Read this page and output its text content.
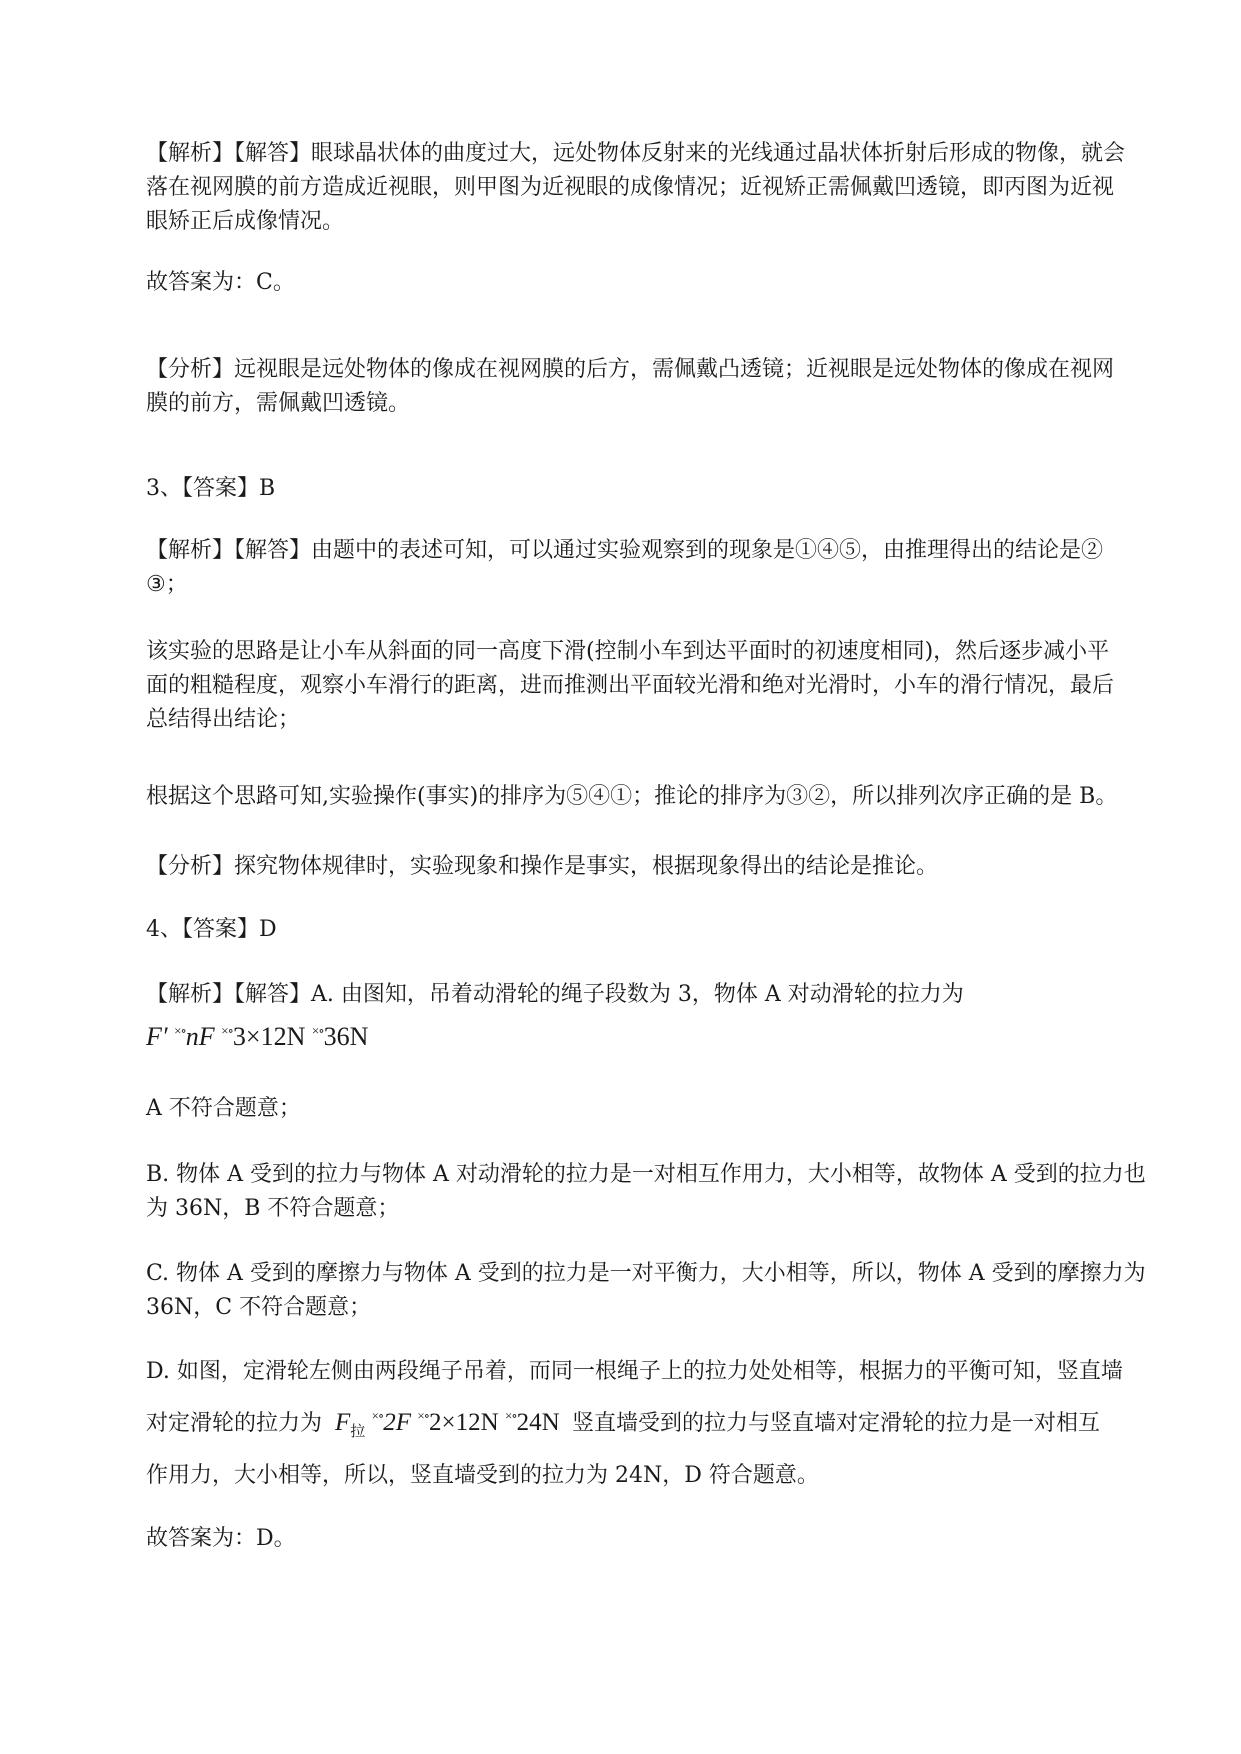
【解析】【解答】眼球晶状体的曲度过大，远处物体反射来的光线通过晶状体折射后形成的物像，就会
落在视网膜的前方造成近视眼，则甲图为近视眼的成像情况；近视矫正需佩戴凹透镜，即丙图为近视
眼矫正后成像情况。
故答案为：C。
【分析】远视眼是远处物体的像成在视网膜的后方，需佩戴凸透镜；近视眼是远处物体的像成在视网
膜的前方，需佩戴凹透镜。
3、【答案】B
【解析】【解答】由题中的表述可知，可以通过实验观察到的现象是①④⑤，由推理得出的结论是②
③；
该实验的思路是让小车从斜面的同一高度下滑(控制小车到达平面时的初速度相同)，然后逐步减小平
面的粗糙程度，观察小车滑行的距离，进而推测出平面较光滑和绝对光滑时，小车的滑行情况，最后
总结得出结论；
根据这个思路可知,实验操作(事实)的排序为⑤④①；推论的排序为③②，所以排列次序正确的是 B。
【分析】探究物体规律时，实验现象和操作是事实，根据现象得出的结论是推论。
4、【答案】D
【解析】【解答】A. 由图知，吊着动滑轮的绳子段数为 3，物体 A 对动滑轮的拉力为
F′ ×∘nF ×∘3×12N ×∘36N
A 不符合题意；
B. 物体 A 受到的拉力与物体 A 对动滑轮的拉力是一对相互作用力，大小相等，故物体 A 受到的拉力也
为 36N，B 不符合题意；
C. 物体 A 受到的摩擦力与物体 A 受到的拉力是一对平衡力，大小相等，所以，物体 A 受到的摩擦力为
36N，C 不符合题意；
D. 如图，定滑轮左侧由两段绳子吊着，而同一根绳子上的拉力处处相等，根据力的平衡可知，竖直墙
对定滑轮的拉力为 $F_拉$ ×∘2F ×∘2×12N ×∘24N 竖直墙受到的拉力与竖直墙对定滑轮的拉力是一对相互
作用力，大小相等，所以，竖直墙受到的拉力为 24N，D 符合题意。
故答案为：D。
